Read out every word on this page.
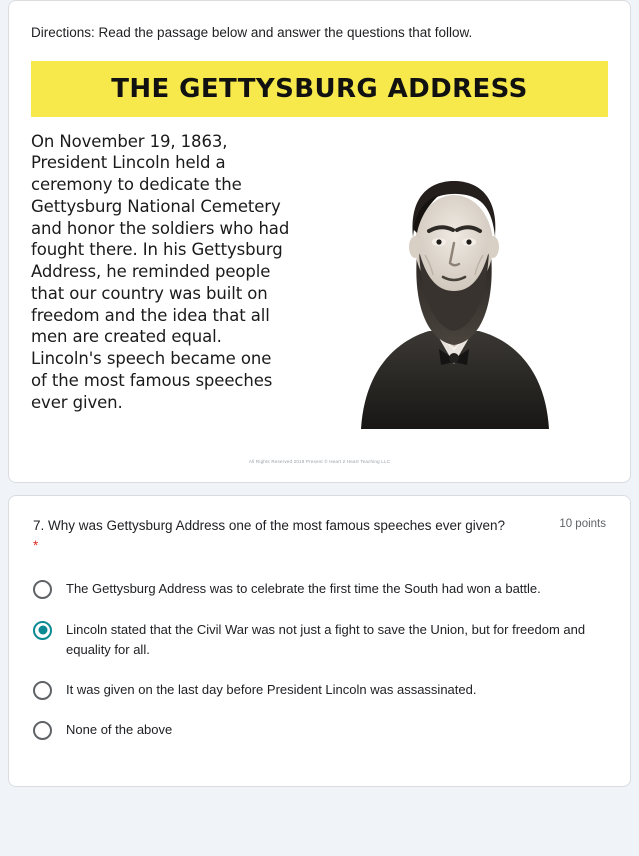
Directions: Read the passage below and answer the questions that follow.
THE GETTYSBURG ADDRESS
On November 19, 1863, President Lincoln held a ceremony to dedicate the Gettysburg National Cemetery and honor the soldiers who had fought there. In his Gettysburg Address, he reminded people that our country was built on freedom and the idea that all men are created equal. Lincoln's speech became one of the most famous speeches ever given.
All Rights Reserved 2019 Present © Heart 2 Heart Teaching LLC
7. Why was Gettysburg Address one of the most famous speeches ever given? *
10 points
The Gettysburg Address was to celebrate the first time the South had won a battle.
Lincoln stated that the Civil War was not just a fight to save the Union, but for freedom and equality for all.
It was given on the last day before President Lincoln was assassinated.
None of the above
